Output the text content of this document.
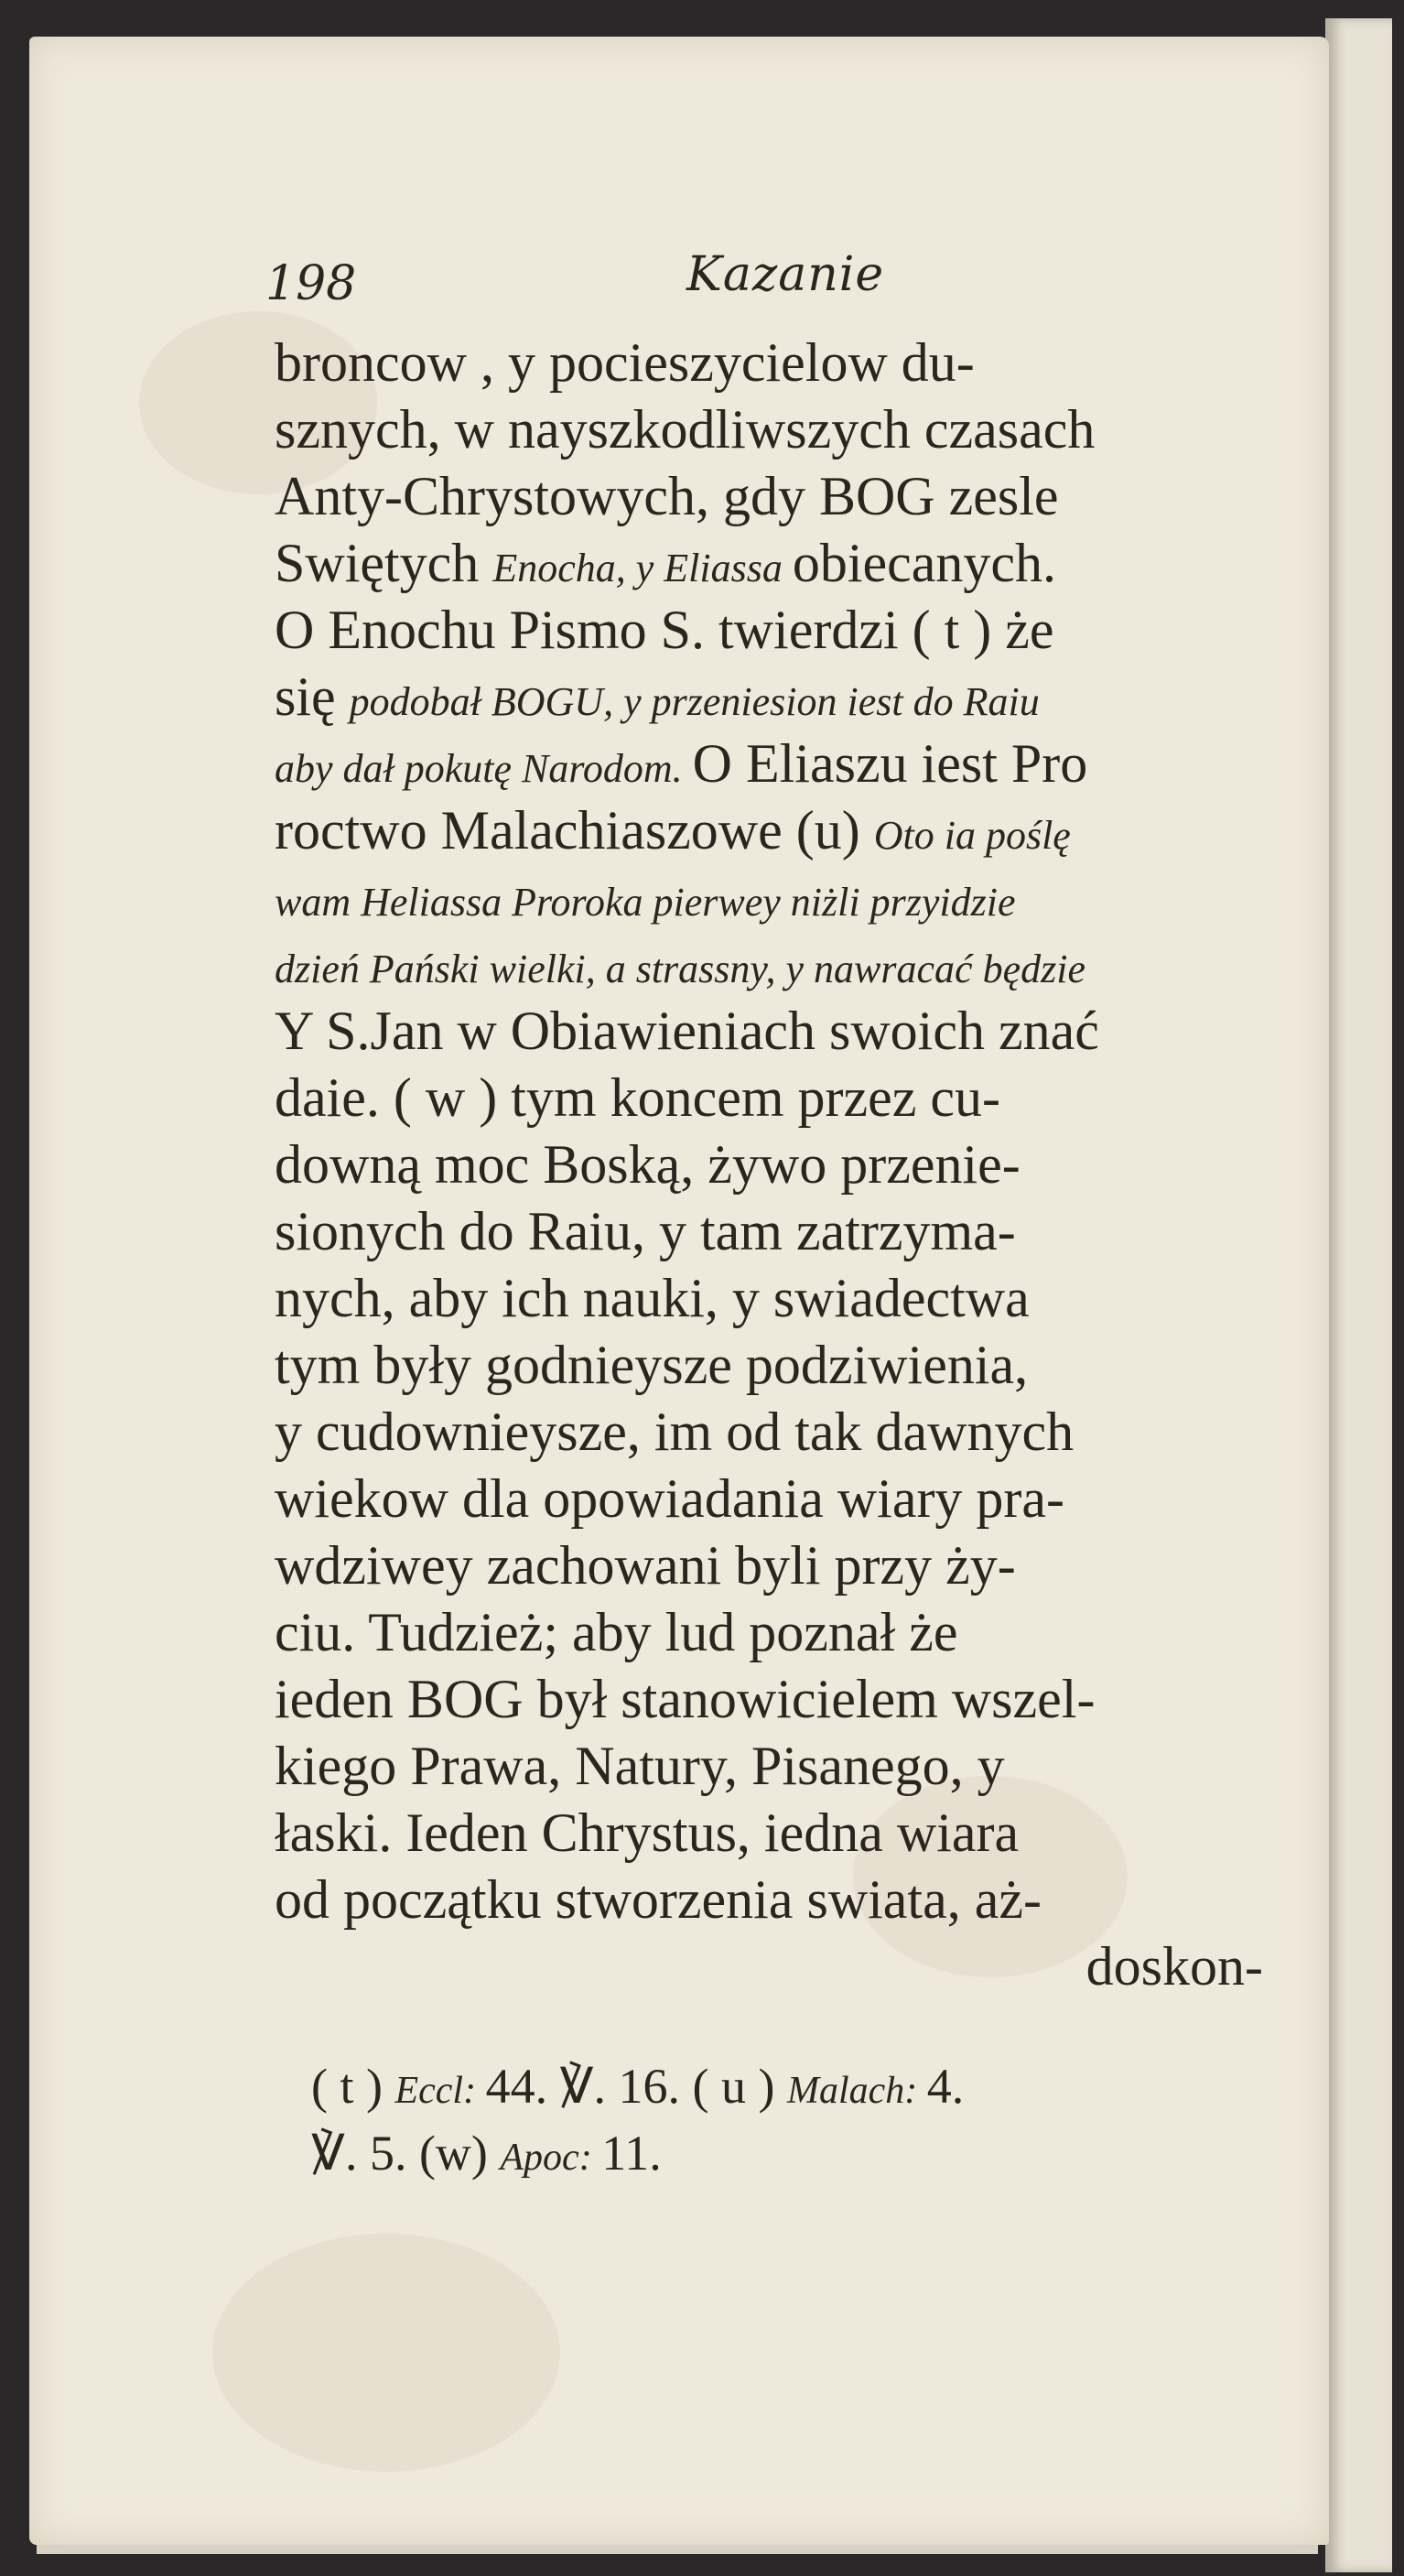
198	Kazanie
broncow , y pocieszycielow du-
sznych, w nayszkodliwszych czasach
Anty-Chrystowych, gdy BOG zesle
Swiętych Enocha, y Eliassa obiecanych.
O Enochu Pismo S. twierdzi ( t ) że
się podobał BOGU, y przeniesion iest do Raiu
aby dał pokutę Narodom. O Eliaszu iest Pro
roctwo Malachiaszowe (u) Oto ia poślę
wam Heliassa Proroka pierwey niżli przyidzie
dzień Pański wielki, a strassny, y nawracać będzie
Y S.Jan w Obiawieniach swoich znać
daie. ( w ) tym koncem przez cu-
downą moc Boską, żywo przenie-
sionych do Raiu, y tam zatrzyma-
nych, aby ich nauki, y swiadectwa
tym były godnieysze podziwienia,
y cudownieysze, im od tak dawnych
wiekow dla opowiadania wiary pra-
wdziwey zachowani byli przy ży-
ciu. Tudzież; aby lud poznał że
ieden BOG był stanowicielem wszel-
kiego Prawa, Natury, Pisanego, y
łaski. Ieden Chrystus, iedna wiara
od początku stworzenia swiata, aż-
doskon-
( t ) Eccl: 44. ℣. 16. ( u ) Malach: 4.
℣. 5. (w) Apoc: 11.
